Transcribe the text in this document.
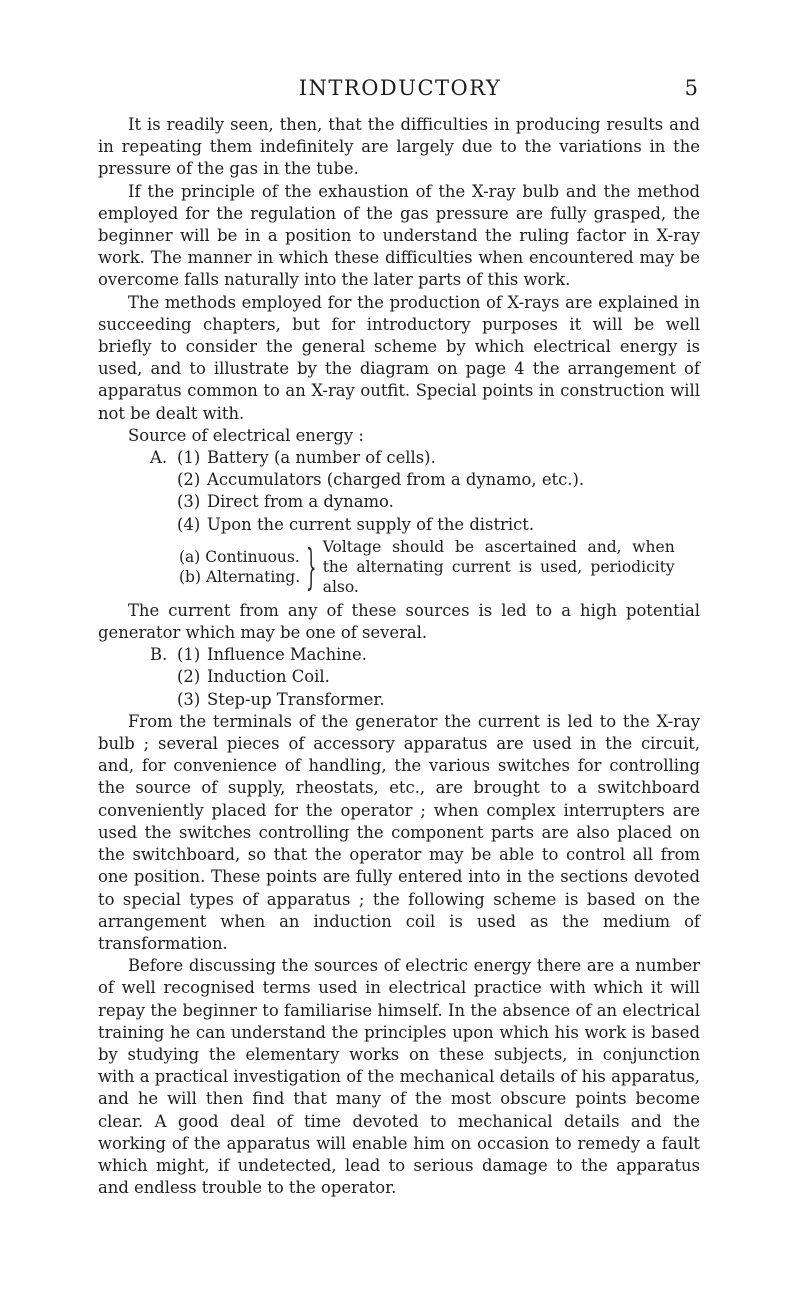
INTRODUCTORY	5

It is readily seen, then, that the difficulties in producing results and in repeating them indefinitely are largely due to the variations in the pressure of the gas in the tube.

If the principle of the exhaustion of the X-ray bulb and the method employed for the regulation of the gas pressure are fully grasped, the beginner will be in a position to understand the ruling factor in X-ray work. The manner in which these difficulties when encountered may be overcome falls naturally into the later parts of this work.

The methods employed for the production of X-rays are explained in succeeding chapters, but for introductory purposes it will be well briefly to consider the general scheme by which electrical energy is used, and to illustrate by the diagram on page 4 the arrangement of apparatus common to an X-ray outfit. Special points in construction will not be dealt with.

Source of electrical energy :

A. (1) Battery (a number of cells).
(2) Accumulators (charged from a dynamo, etc.).
(3) Direct from a dynamo.
(4) Upon the current supply of the district.
(a) Continuous.
(b) Alternating. } Voltage should be ascertained and, when the alternating current is used, periodicity also.

The current from any of these sources is led to a high potential generator which may be one of several.

B. (1) Influence Machine.
(2) Induction Coil.
(3) Step-up Transformer.

From the terminals of the generator the current is led to the X-ray bulb ; several pieces of accessory apparatus are used in the circuit, and, for convenience of handling, the various switches for controlling the source of supply, rheostats, etc., are brought to a switchboard conveniently placed for the operator ; when complex interrupters are used the switches controlling the component parts are also placed on the switchboard, so that the operator may be able to control all from one position. These points are fully entered into in the sections devoted to special types of apparatus ; the following scheme is based on the arrangement when an induction coil is used as the medium of transformation.

Before discussing the sources of electric energy there are a number of well recognised terms used in electrical practice with which it will repay the beginner to familiarise himself. In the absence of an electrical training he can understand the principles upon which his work is based by studying the elementary works on these subjects, in conjunction with a practical investigation of the mechanical details of his apparatus, and he will then find that many of the most obscure points become clear. A good deal of time devoted to mechanical details and the working of the apparatus will enable him on occasion to remedy a fault which might, if undetected, lead to serious damage to the apparatus and endless trouble to the operator.
